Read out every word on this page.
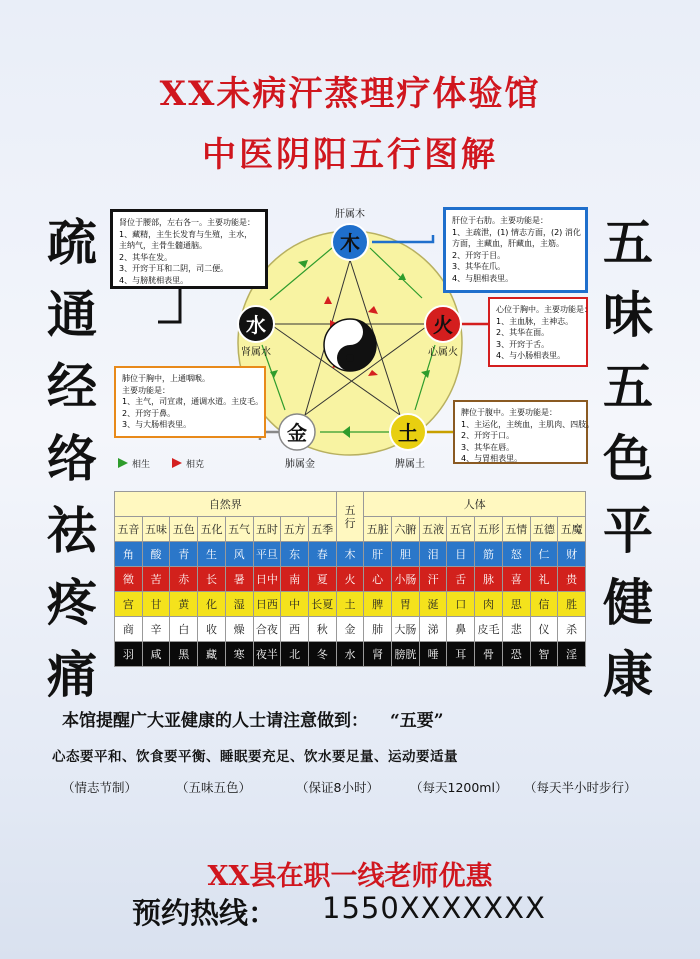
XX未病汗蒸理疗体验馆
中医阴阳五行图解
疏
通
经
络
祛
疼
痛
五
味
五
色
平
健
康
木
火
土
金
水
肝属木
心属火
脾属土
肺属金
肾属水
相生	相克
肾位于腰部，左右各一。主要功能是：
1、藏精，主生长发育与生殖，主水，
主纳气，主骨生髓通脑。
2、其华在发。
3、开窍于耳和二阴，司二便。
4、与膀胱相表里。
肝位于右肋。主要功能是：
1、主疏泄，(1) 情志方面，(2) 消化
方面，主藏血，肝藏血，主筋。
2、开窍于目。
3、其华在爪。
4、与胆相表里。
心位于胸中。主要功能是：
1、主血脉，主神志。
2、其华在面。
3、开窍于舌。
4、与小肠相表里。
肺位于胸中，上通咽喉。
主要功能是：
1、主气，司宣肃，通调水道。主皮毛。
2、开窍于鼻。
3、与大肠相表里。
脾位于腹中。主要功能是：
1、主运化，主统血，主肌肉、四肢。
2、开窍于口。
3、其华在唇。
4、与胃相表里。
自然界								五
行	人体							
五音	五味	五色	五化	五气	五时	五方	五季		五脏	六腑	五液	五官	五形	五情	五德	五魔
角	酸	青	生	风	平旦	东	春	木	肝	胆	泪	目	筋	怒	仁	财
徵	苦	赤	长	暑	日中	南	夏	火	心	小肠	汗	舌	脉	喜	礼	贵
宫	甘	黄	化	湿	日西	中	长夏	土	脾	胃	涎	口	肉	思	信	胜
商	辛	白	收	燥	合夜	西	秋	金	肺	大肠	涕	鼻	皮毛	悲	仪	杀
羽	咸	黑	藏	寒	夜半	北	冬	水	肾	膀胱	唾	耳	骨	恐	智	淫
本馆提醒广大亚健康的人士请注意做到： “五要”
心态要平和、饮食要平衡、睡眠要充足、饮水要足量、运动要适量
（情志节制）	（五味五色）	（保证8小时） （每天1200ml） （每天半小时步行）
XX县在职一线老师优惠
预约热线： 1550XXXXXXX
